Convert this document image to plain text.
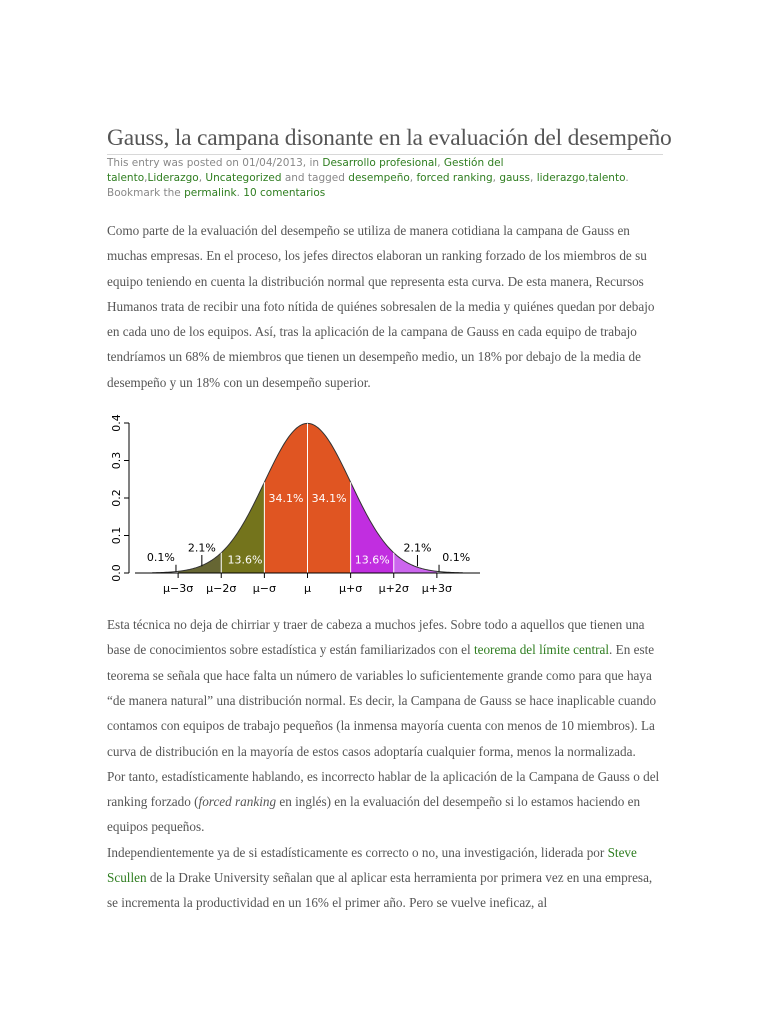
Gauss, la campana disonante en la evaluación del desempeño
This entry was posted on 01/04/2013, in Desarrollo profesional, Gestión del
talento,Liderazgo, Uncategorized and tagged desempeño, forced ranking, gauss, liderazgo,talento.
Bookmark the permalink. 10 comentarios

Como parte de la evaluación del desempeño se utiliza de manera cotidiana la campana de Gauss en muchas empresas. En el proceso, los jefes directos elaboran un ranking forzado de los miembros de su equipo teniendo en cuenta la distribución normal que representa esta curva. De esta manera, Recursos Humanos trata de recibir una foto nítida de quiénes sobresalen de la media y quiénes quedan por debajo en cada uno de los equipos. Así, tras la aplicación de la campana de Gauss en cada equipo de trabajo tendríamos un 68% de miembros que tienen un desempeño medio, un 18% por debajo de la media de desempeño y un 18% con un desempeño superior.

0.0
0.1
0.2
0.3
0.4
μ−3σ μ−2σ μ−σ	μ	μ+σ μ+2σ μ+3σ
2.1%
13.6%
34.1% 34.1%
13.6%
2.1%
0.1%	0.1%

Esta técnica no deja de chirriar y traer de cabeza a muchos jefes. Sobre todo a aquellos que tienen una base de conocimientos sobre estadística y están familiarizados con el teorema del límite central. En este teorema se señala que hace falta un número de variables lo suficientemente grande como para que haya “de manera natural” una distribución normal. Es decir, la Campana de Gauss se hace inaplicable cuando contamos con equipos de trabajo pequeños (la inmensa mayoría cuenta con menos de 10 miembros). La curva de distribución en la mayoría de estos casos adoptaría cualquier forma, menos la normalizada.
Por tanto, estadísticamente hablando, es incorrecto hablar de la aplicación de la Campana de Gauss o del ranking forzado (forced ranking en inglés) en la evaluación del desempeño si lo estamos haciendo en equipos pequeños.
Independientemente ya de si estadísticamente es correcto o no, una investigación, liderada por Steve Scullen de la Drake University señalan que al aplicar esta herramienta por primera vez en una empresa, se incrementa la productividad en un 16% el primer año. Pero se vuelve ineficaz, al
